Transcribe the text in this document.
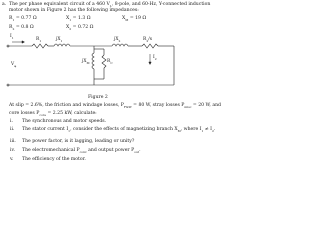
a. The per phase equivalent circuit of a 460 $V_L$, 8-pole, and 60-Hz, Y-connected induction
motor shown in Figure 2 has the following impedances:
$R_1 = 0.77$ Ω	$X_1 = 1.3$ Ω	$X_M = 19$ Ω
$R_2 = 0.8$ Ω	$X_2 = 0.72$ Ω
$I_1$	$R_1$	$jX_1$	$jX_2$	$R_2/s$
$I_2$
$jX_M$	$R_C$
$V_\varphi$
Figure 2
At slip = 2.6%, the friction and windage losses, $P_{F\&W} = 80$ W, stray losses $P_{misc} = 20$ W, and
core losses $P_{core} = 2.25$ kW, calculate:
i. The synchronous and motor speeds.
ii. The stator current $I_1$, consider the effects of magnetizing branch $X_M$, where $I_1 \ne I_2$.
iii. The power factor, is it lagging, leading or unity?
iv. The electromechanical $P_{conv}$ and output power $P_{out}$.
v. The efficiency of the motor.
